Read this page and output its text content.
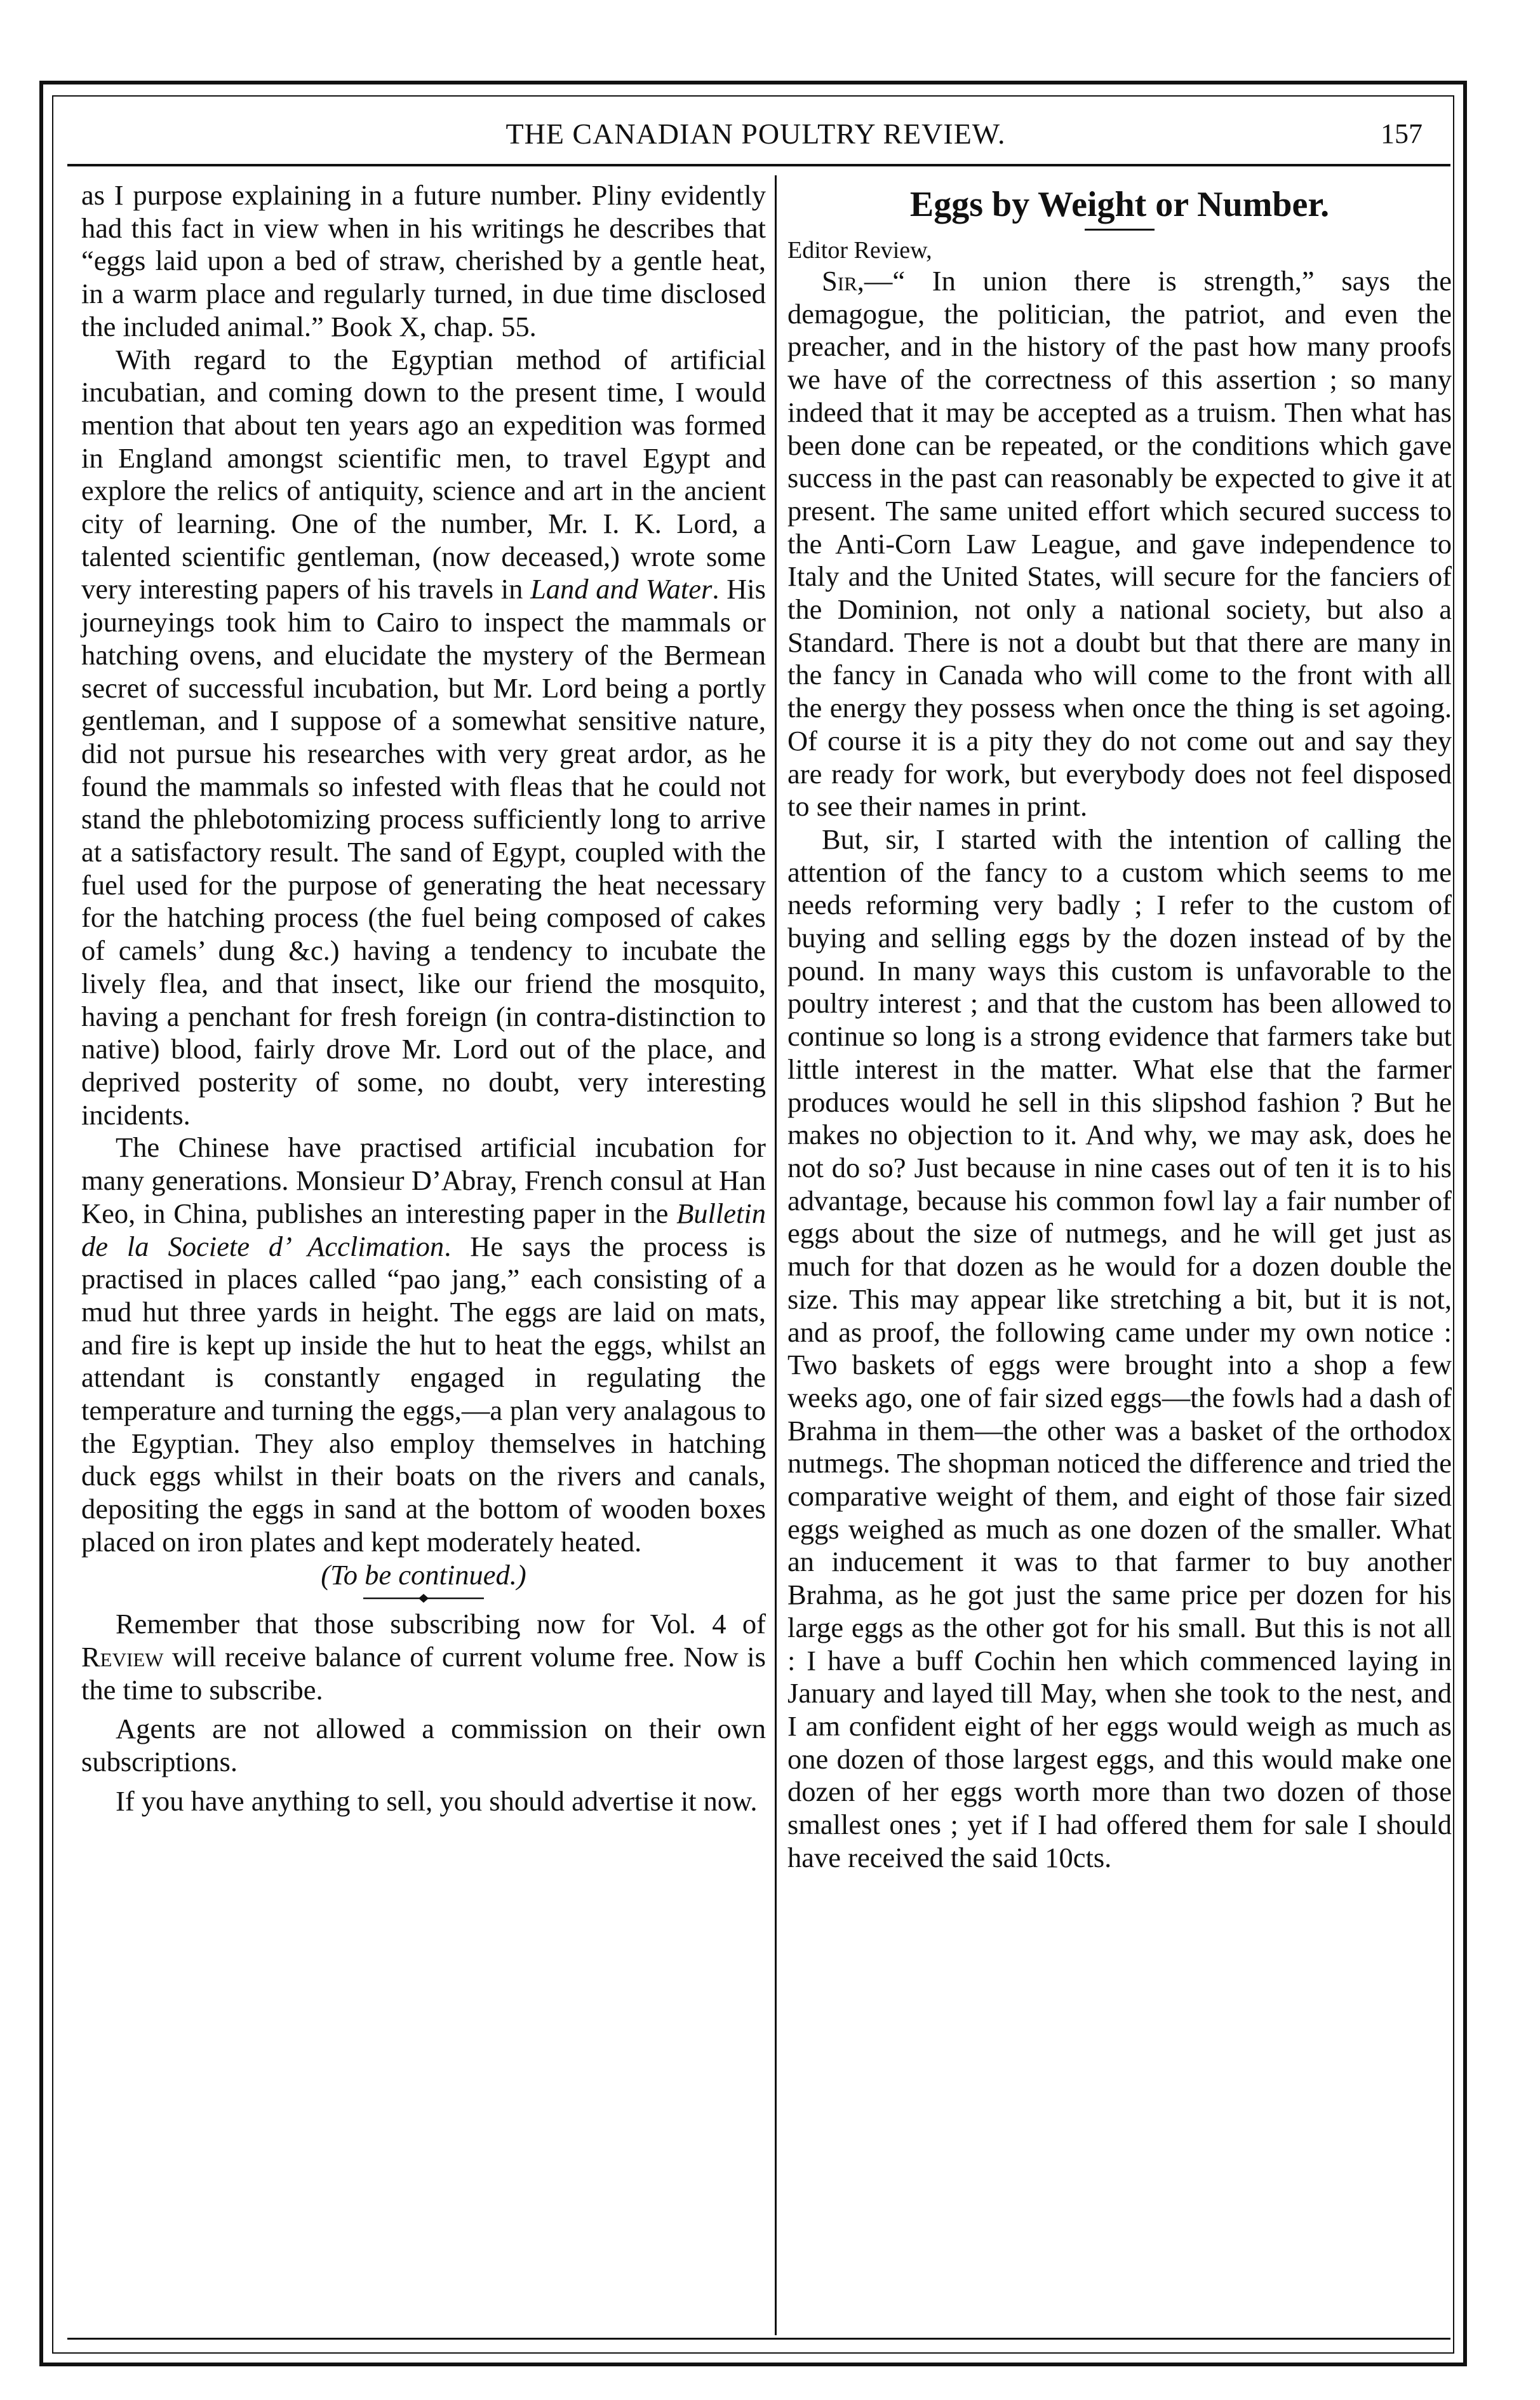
THE CANADIAN POULTRY REVIEW.	157

as I purpose explaining in a future number. Pliny evidently had this fact in view when in his writings he describes that “eggs laid upon a bed of straw, cherished by a gentle heat, in a warm place and regularly turned, in due time disclosed the included animal.” Book X, chap. 55.

With regard to the Egyptian method of artificial incubatian, and coming down to the present time, I would mention that about ten years ago an expedition was formed in England amongst scientific men, to travel Egypt and explore the relics of antiquity, science and art in the ancient city of learning. One of the number, Mr. I. K. Lord, a talented scientific gentleman, (now deceased,) wrote some very interesting papers of his travels in Land and Water. His journeyings took him to Cairo to inspect the mammals or hatching ovens, and elucidate the mystery of the Bermean secret of successful incubation, but Mr. Lord being a portly gentleman, and I suppose of a somewhat sensitive nature, did not pursue his researches with very great ardor, as he found the mammals so infested with fleas that he could not stand the phlebotomizing process sufficiently long to arrive at a satisfactory result. The sand of Egypt, coupled with the fuel used for the purpose of generating the heat necessary for the hatching process (the fuel being composed of cakes of camels’ dung &c.) having a tendency to incubate the lively flea, and that insect, like our friend the mosquito, having a penchant for fresh foreign (in contra-distinction to native) blood, fairly drove Mr. Lord out of the place, and deprived posterity of some, no doubt, very interesting incidents.

The Chinese have practised artificial incubation for many generations. Monsieur D’Abray, French consul at Han Keo, in China, publishes an interesting paper in the Bulletin de la Societe d’ Acclimation. He says the process is practised in places called “pao jang,” each consisting of a mud hut three yards in height. The eggs are laid on mats, and fire is kept up inside the hut to heat the eggs, whilst an attendant is constantly engaged in regulating the temperature and turning the eggs,—a plan very analagous to the Egyptian. They also employ themselves in hatching duck eggs whilst in their boats on the rivers and canals, depositing the eggs in sand at the bottom of wooden boxes placed on iron plates and kept moderately heated.

(To be continued.)

Remember that those subscribing now for Vol. 4 of Review will receive balance of current volume free. Now is the time to subscribe.

Agents are not allowed a commission on their own subscriptions.

If you have anything to sell, you should advertise it now.

Eggs by Weight or Number.

Editor Review,

Sir,—“ In union there is strength,” says the demagogue, the politician, the patriot, and even the preacher, and in the history of the past how many proofs we have of the correctness of this assertion ; so many indeed that it may be accepted as a truism. Then what has been done can be repeated, or the conditions which gave success in the past can reasonably be expected to give it at present. The same united effort which secured success to the Anti-Corn Law League, and gave independence to Italy and the United States, will secure for the fanciers of the Dominion, not only a national society, but also a Standard. There is not a doubt but that there are many in the fancy in Canada who will come to the front with all the energy they possess when once the thing is set agoing. Of course it is a pity they do not come out and say they are ready for work, but everybody does not feel disposed to see their names in print.

But, sir, I started with the intention of calling the attention of the fancy to a custom which seems to me needs reforming very badly ; I refer to the custom of buying and selling eggs by the dozen instead of by the pound. In many ways this custom is unfavorable to the poultry interest ; and that the custom has been allowed to continue so long is a strong evidence that farmers take but little interest in the matter. What else that the farmer produces would he sell in this slipshod fashion ? But he makes no objection to it. And why, we may ask, does he not do so? Just because in nine cases out of ten it is to his advantage, because his common fowl lay a fair number of eggs about the size of nutmegs, and he will get just as much for that dozen as he would for a dozen double the size. This may appear like stretching a bit, but it is not, and as proof, the following came under my own notice : Two baskets of eggs were brought into a shop a few weeks ago, one of fair sized eggs—the fowls had a dash of Brahma in them—the other was a basket of the orthodox nutmegs. The shopman noticed the difference and tried the comparative weight of them, and eight of those fair sized eggs weighed as much as one dozen of the smaller. What an inducement it was to that farmer to buy another Brahma, as he got just the same price per dozen for his large eggs as the other got for his small. But this is not all : I have a buff Cochin hen which commenced laying in January and layed till May, when she took to the nest, and I am confident eight of her eggs would weigh as much as one dozen of those largest eggs, and this would make one dozen of her eggs worth more than two dozen of those smallest ones ; yet if I had offered them for sale I should have received the said 10cts.
